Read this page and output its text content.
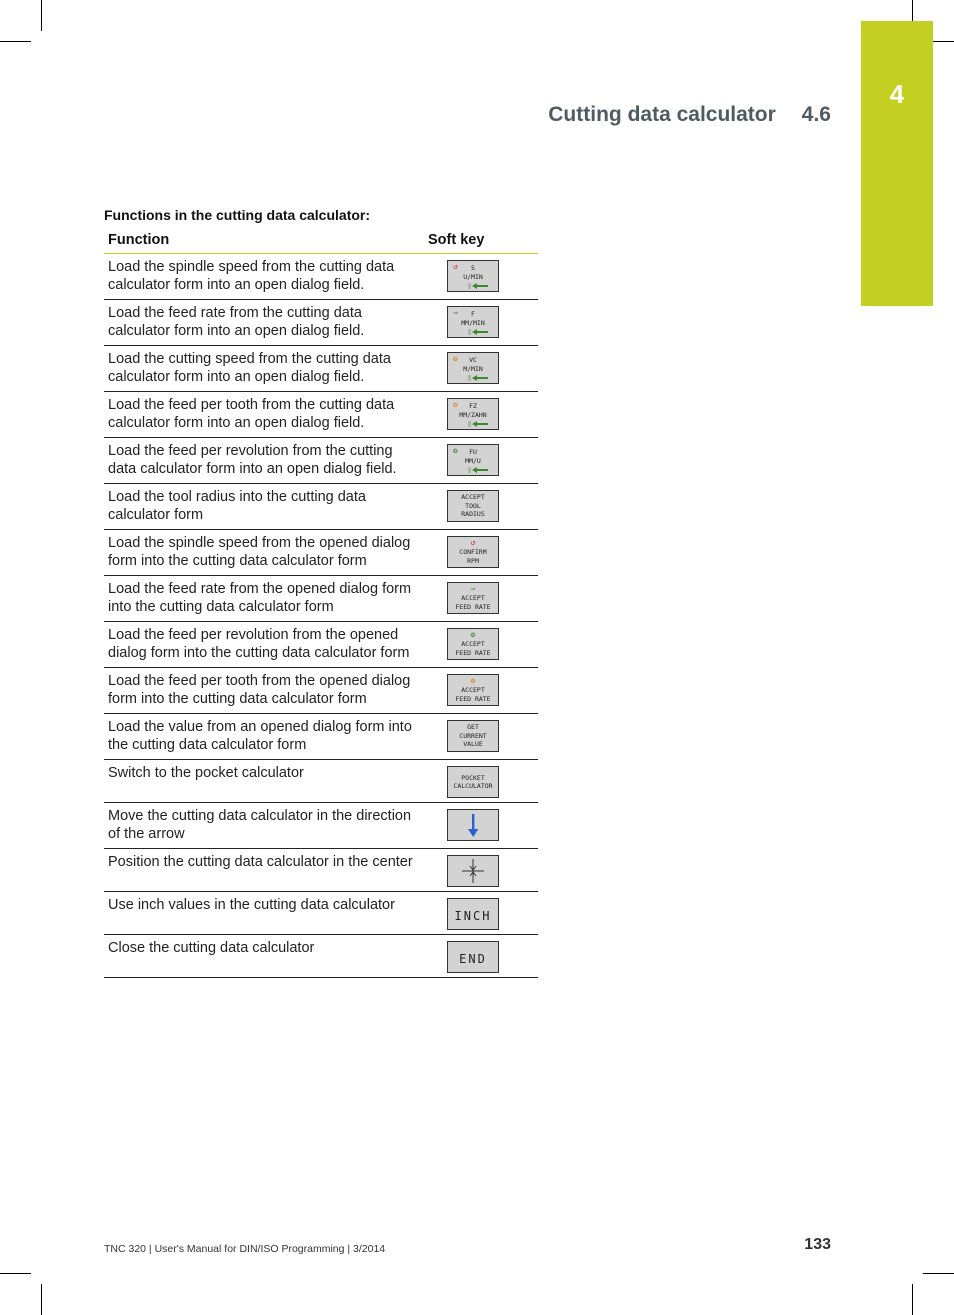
4
Cutting data calculator 4.6
Functions in the cutting data calculator:
Function	Soft key
Load the spindle speed from the cutting data calculator form into an open dialog field.	↺ S
U/MIN

Load the feed rate from the cutting data calculator form into an open dialog field.	⇒ F
MM/MIN

Load the cutting speed from the cutting data calculator form into an open dialog field.	❂ VC
M/MIN

Load the feed per tooth from the cutting data calculator form into an open dialog field.	❂ FZ
MM/ZAHN

Load the feed per revolution from the cutting data calculator form into an open dialog field.	❂ FU
MM/U

Load the tool radius into the cutting data calculator form	ACCEPT
TOOL
RADIUS

Load the spindle speed from the opened dialog form into the cutting data calculator form	↺
CONFIRM
RPM

Load the feed rate from the opened dialog form into the cutting data calculator form	⇒
ACCEPT
FEED RATE

Load the feed per revolution from the opened dialog form into the cutting data calculator form	❂
ACCEPT
FEED RATE

Load the feed per tooth from the opened dialog form into the cutting data calculator form	❂
ACCEPT
FEED RATE

Load the value from an opened dialog form into the cutting data calculator form	GET
CURRENT
VALUE

Switch to the pocket calculator	POCKET
CALCULATOR

Move the cutting data calculator in the direction of the arrow	

Position the cutting data calculator in the center	

Use inch values in the cutting data calculator	INCH

Close the cutting data calculator	END
TNC 320 | User's Manual for DIN/ISO Programming | 3/2014	133
